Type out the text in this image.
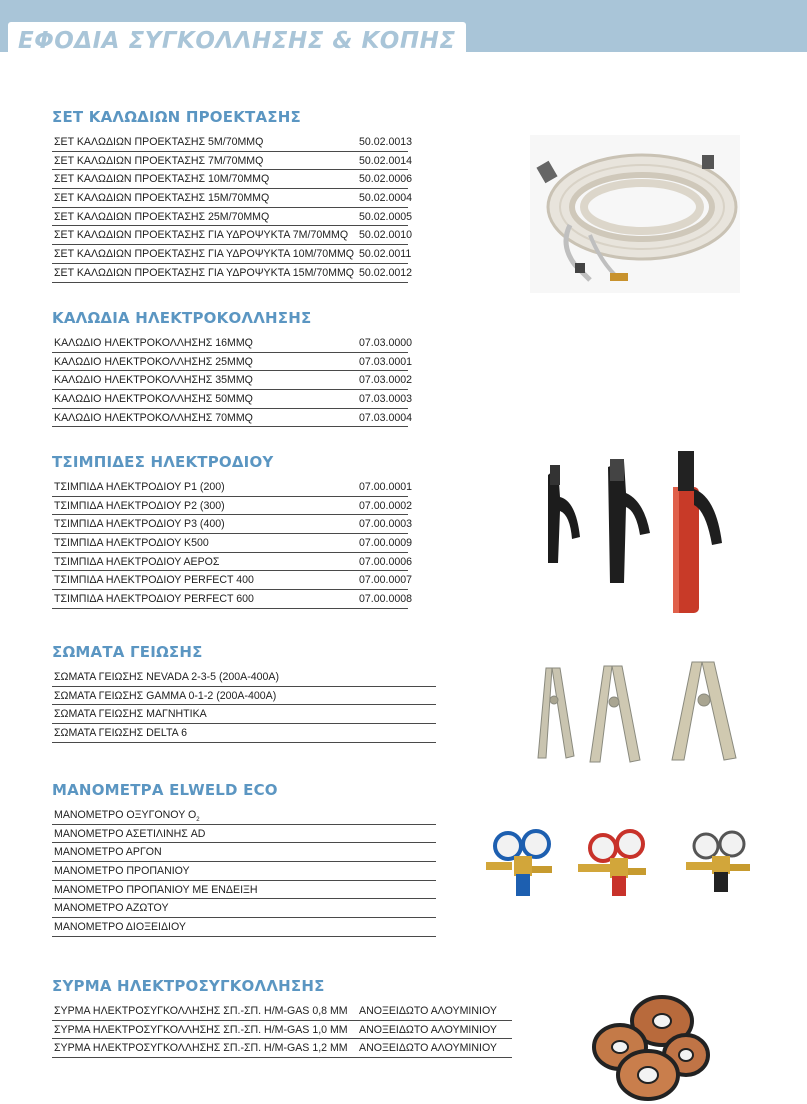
ΕΦΟΔΙΑ ΣΥΓΚΟΛΛΗΣΗΣ & ΚΟΠΗΣ
ΣΕΤ ΚΑΛΩΔΙΩΝ ΠΡΟΕΚΤΑΣΗΣ
ΣΕΤ ΚΑΛΩΔΙΩΝ ΠΡΟΕΚΤΑΣΗΣ 5Μ/70ΜΜQ	50.02.0013
ΣΕΤ ΚΑΛΩΔΙΩΝ ΠΡΟΕΚΤΑΣΗΣ 7Μ/70ΜΜQ	50.02.0014
ΣΕΤ ΚΑΛΩΔΙΩΝ ΠΡΟΕΚΤΑΣΗΣ 10Μ/70ΜΜQ	50.02.0006
ΣΕΤ ΚΑΛΩΔΙΩΝ ΠΡΟΕΚΤΑΣΗΣ 15Μ/70ΜΜQ	50.02.0004
ΣΕΤ ΚΑΛΩΔΙΩΝ ΠΡΟΕΚΤΑΣΗΣ 25Μ/70ΜΜQ	50.02.0005
ΣΕΤ ΚΑΛΩΔΙΩΝ ΠΡΟΕΚΤΑΣΗΣ ΓΙΑ ΥΔΡΟΨΥΚΤΑ 7Μ/70ΜΜQ 50.02.0010
ΣΕΤ ΚΑΛΩΔΙΩΝ ΠΡΟΕΚΤΑΣΗΣ ΓΙΑ ΥΔΡΟΨΥΚΤΑ 10Μ/70ΜΜQ 50.02.0011
ΣΕΤ ΚΑΛΩΔΙΩΝ ΠΡΟΕΚΤΑΣΗΣ ΓΙΑ ΥΔΡΟΨΥΚΤΑ 15Μ/70ΜΜQ 50.02.0012
ΚΑΛΩΔΙΑ ΗΛΕΚΤΡΟΚΟΛΛΗΣΗΣ
ΚΑΛΩΔΙΟ ΗΛΕΚΤΡΟΚΟΛΛΗΣΗΣ 16ΜΜQ	07.03.0000
ΚΑΛΩΔΙΟ ΗΛΕΚΤΡΟΚΟΛΛΗΣΗΣ 25ΜΜQ	07.03.0001
ΚΑΛΩΔΙΟ ΗΛΕΚΤΡΟΚΟΛΛΗΣΗΣ 35ΜΜQ	07.03.0002
ΚΑΛΩΔΙΟ ΗΛΕΚΤΡΟΚΟΛΛΗΣΗΣ 50ΜΜQ	07.03.0003
ΚΑΛΩΔΙΟ ΗΛΕΚΤΡΟΚΟΛΛΗΣΗΣ 70ΜΜQ	07.03.0004
ΤΣΙΜΠΙΔΕΣ ΗΛΕΚΤΡΟΔΙΟΥ
ΤΣΙΜΠΙΔΑ ΗΛΕΚΤΡΟΔΙΟΥ P1 (200)	07.00.0001
ΤΣΙΜΠΙΔΑ ΗΛΕΚΤΡΟΔΙΟΥ P2 (300)	07.00.0002
ΤΣΙΜΠΙΔΑ ΗΛΕΚΤΡΟΔΙΟΥ P3 (400)	07.00.0003
ΤΣΙΜΠΙΔΑ ΗΛΕΚΤΡΟΔΙΟΥ K500	07.00.0009
ΤΣΙΜΠΙΔΑ ΗΛΕΚΤΡΟΔΙΟΥ ΑΕΡΟΣ	07.00.0006
ΤΣΙΜΠΙΔΑ ΗΛΕΚΤΡΟΔΙΟΥ PERFECT 400	07.00.0007
ΤΣΙΜΠΙΔΑ ΗΛΕΚΤΡΟΔΙΟΥ PERFECT 600	07.00.0008
ΣΩΜΑΤΑ ΓΕΙΩΣΗΣ
ΣΩΜΑΤΑ ΓΕΙΩΣΗΣ NEVADA 2-3-5 (200A-400A)
ΣΩΜΑΤΑ ΓΕΙΩΣΗΣ GAMMA 0-1-2 (200A-400A)
ΣΩΜΑΤΑ ΓΕΙΩΣΗΣ ΜΑΓΝΗΤΙΚΑ
ΣΩΜΑΤΑ ΓΕΙΩΣΗΣ DELTA 6
ΜΑΝΟΜΕΤΡΑ ELWELD ECO
ΜΑΝΟΜΕΤΡΟ ΟΞΥΓΟΝΟΥ $O_2$
ΜΑΝΟΜΕΤΡΟ ΑΣΕΤΙΛΙΝΗΣ AD
ΜΑΝΟΜΕΤΡΟ ΑΡΓΟΝ
ΜΑΝΟΜΕΤΡΟ ΠΡΟΠΑΝΙΟΥ
ΜΑΝΟΜΕΤΡΟ ΠΡΟΠΑΝΙΟΥ ΜΕ ΕΝΔΕΙΞΗ
ΜΑΝΟΜΕΤΡΟ ΑΖΩΤΟΥ
ΜΑΝΟΜΕΤΡΟ ΔΙΟΞΕΙΔΙΟΥ
ΣΥΡΜΑ ΗΛΕΚΤΡΟΣΥΓΚΟΛΛΗΣΗΣ
ΣΥΡΜΑ ΗΛΕΚΤΡΟΣΥΓΚΟΛΛΗΣΗΣ ΣΠ.-ΣΠ. Η/Μ-GAS 0,8 ΜΜ ΑΝΟΞΕΙΔΩΤΟ ΑΛΟΥΜΙΝΙΟΥ
ΣΥΡΜΑ ΗΛΕΚΤΡΟΣΥΓΚΟΛΛΗΣΗΣ ΣΠ.-ΣΠ. Η/Μ-GAS 1,0 ΜΜ ΑΝΟΞΕΙΔΩΤΟ ΑΛΟΥΜΙΝΙΟΥ
ΣΥΡΜΑ ΗΛΕΚΤΡΟΣΥΓΚΟΛΛΗΣΗΣ ΣΠ.-ΣΠ. Η/Μ-GAS 1,2 ΜΜ ΑΝΟΞΕΙΔΩΤΟ ΑΛΟΥΜΙΝΙΟΥ
